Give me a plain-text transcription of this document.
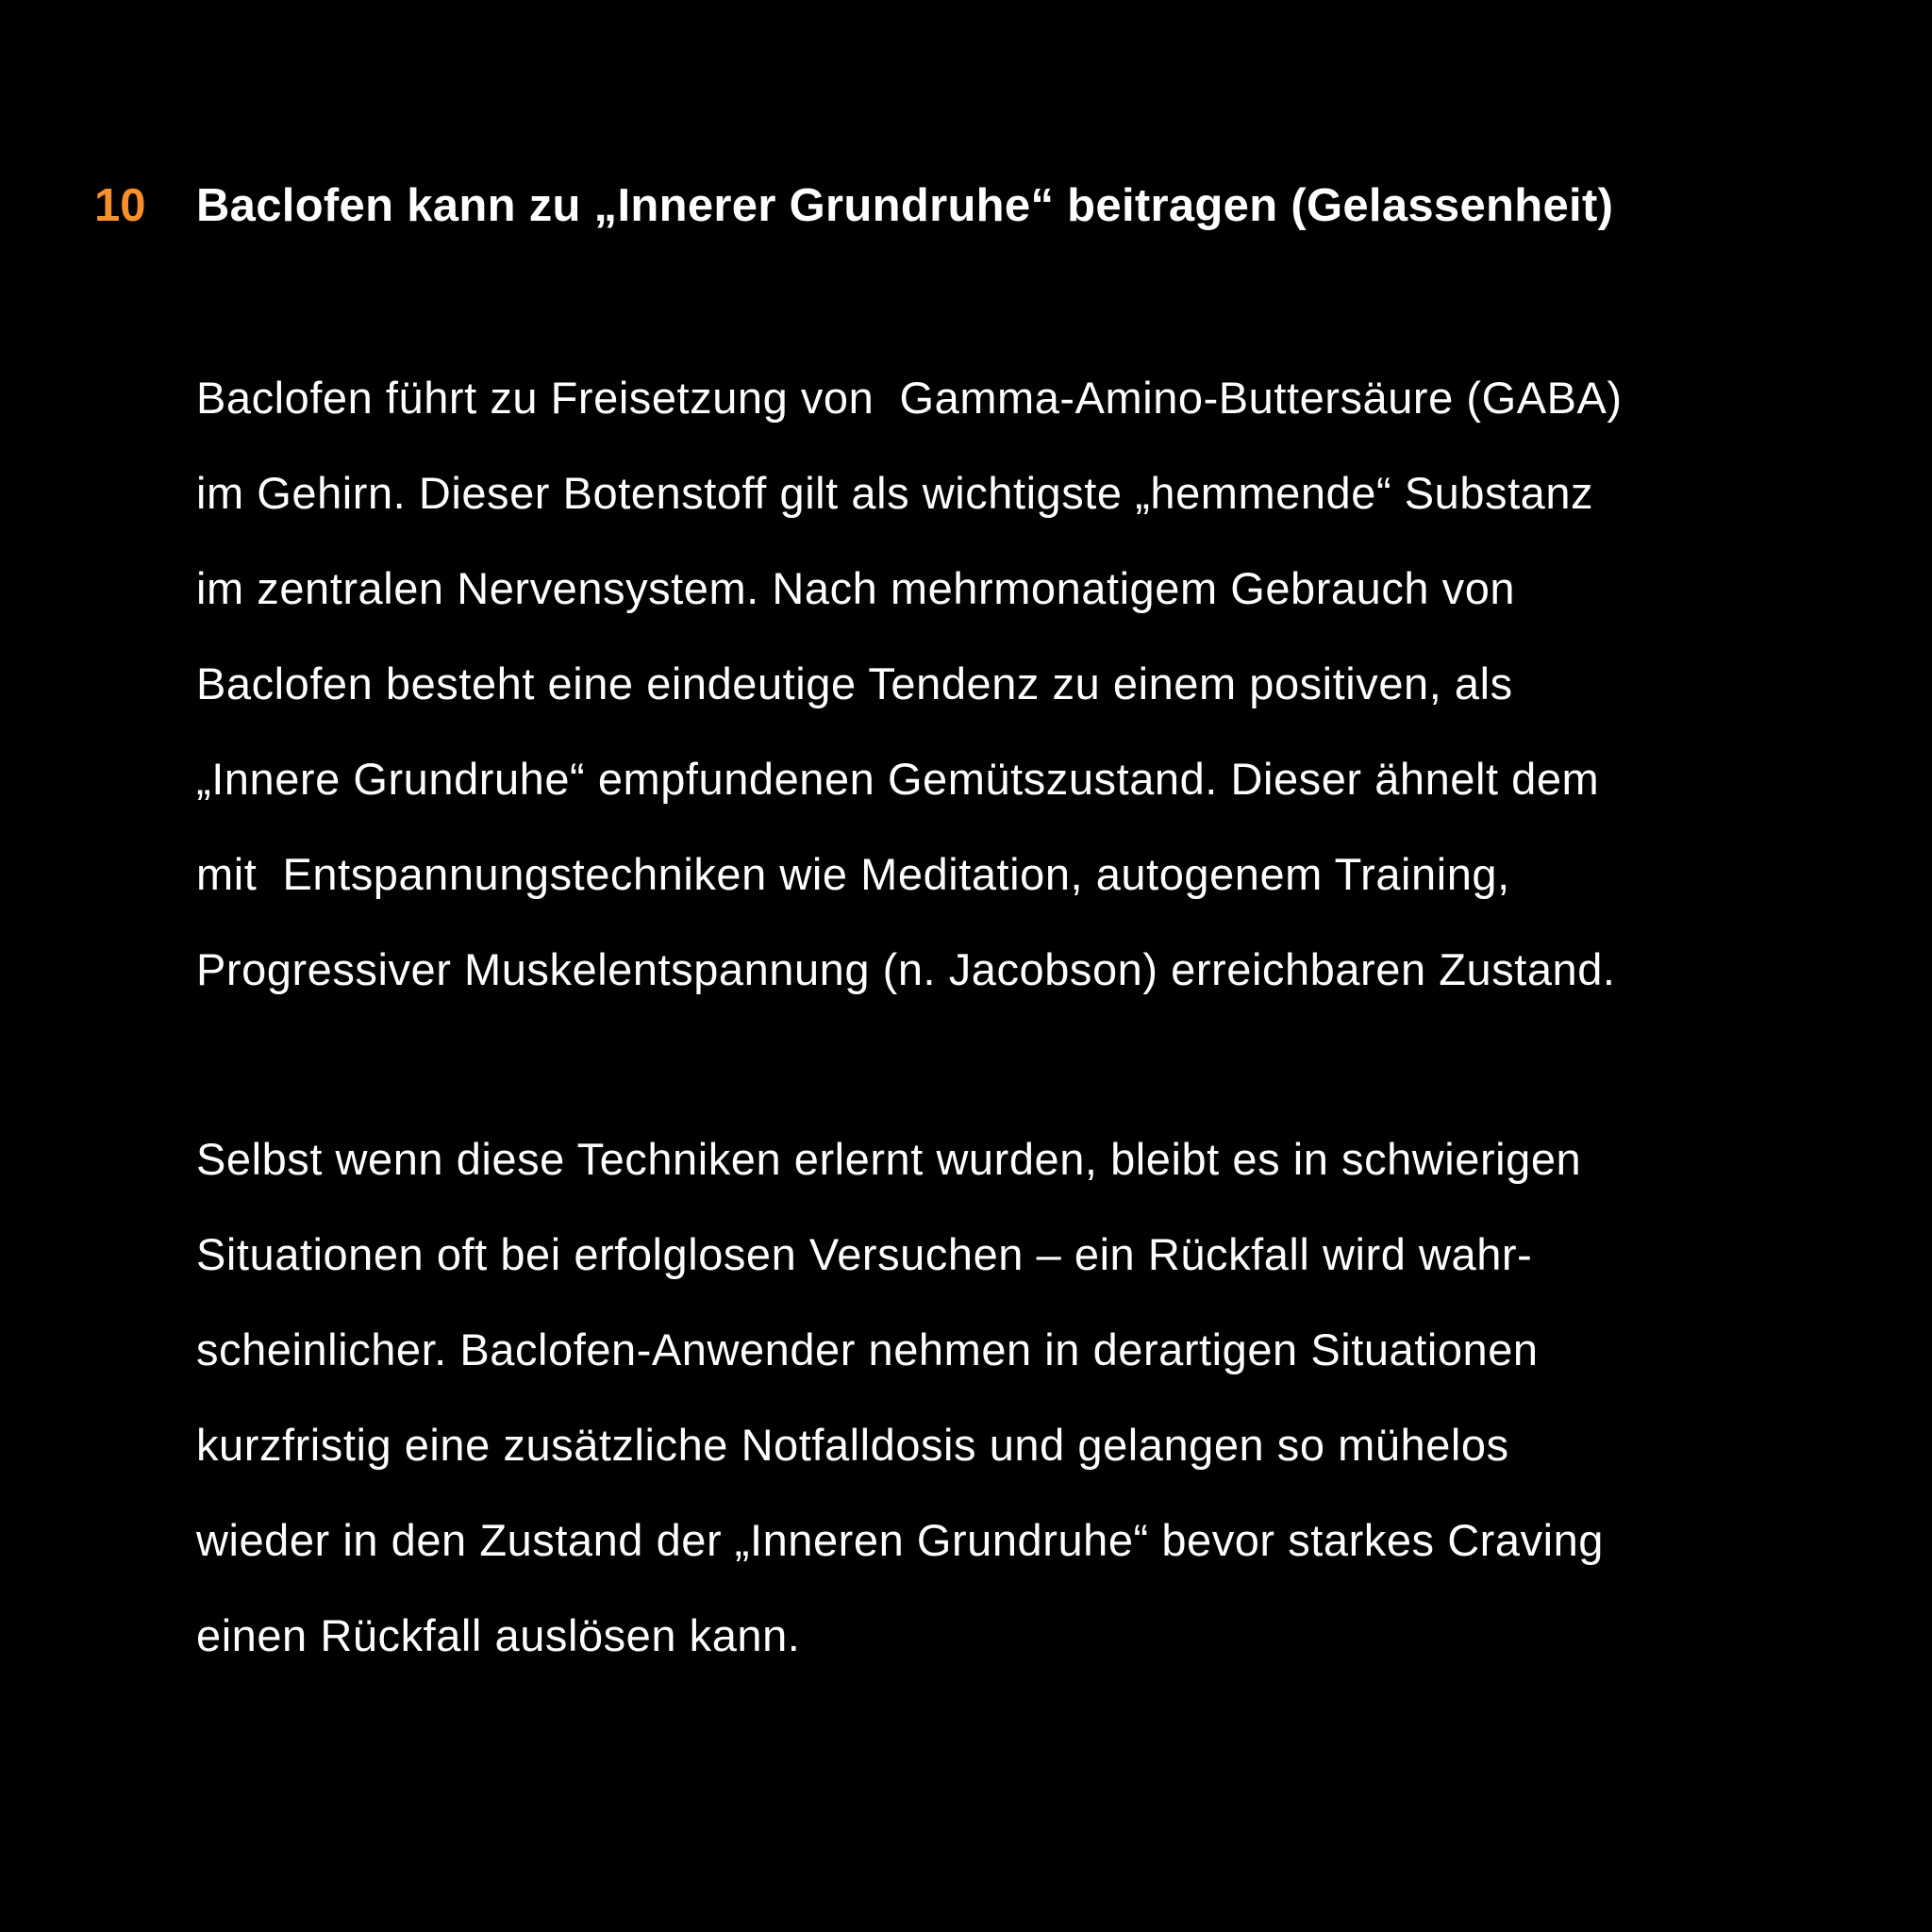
10 Baclofen kann zu „Innerer Grundruhe“ beitragen (Gelassenheit)
Baclofen führt zu Freisetzung von  Gamma-Amino-Buttersäure (GABA)
im Gehirn. Dieser Botenstoff gilt als wichtigste „hemmende“ Substanz
im zentralen Nervensystem. Nach mehrmonatigem Gebrauch von
Baclofen besteht eine eindeutige Tendenz zu einem positiven, als
„Innere Grundruhe“ empfundenen Gemütszustand. Dieser ähnelt dem
mit  Entspannungstechniken wie Meditation, autogenem Training,
Progressiver Muskelentspannung (n. Jacobson) erreichbaren Zustand.
Selbst wenn diese Techniken erlernt wurden, bleibt es in schwierigen
Situationen oft bei erfolglosen Versuchen – ein Rückfall wird wahr-
scheinlicher. Baclofen-Anwender nehmen in derartigen Situationen
kurzfristig eine zusätzliche Notfalldosis und gelangen so mühelos
wieder in den Zustand der „Inneren Grundruhe“ bevor starkes Craving
einen Rückfall auslösen kann.
